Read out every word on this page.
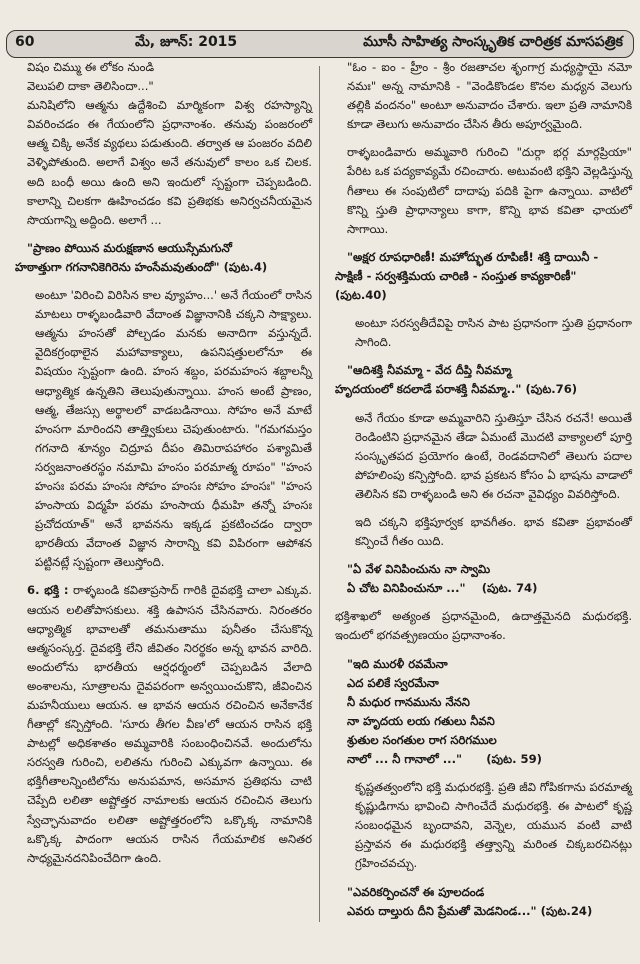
60	మే, జూన్: 2015	మూసీ సాహిత్య సాంస్కృతిక చారిత్రక మాసపత్రిక

విషం చిమ్ము ఈ లోకం నుండి

వెలుపలి దాకా తెలిసిందా..."

మనిషిలోని ఆత్మను ఉద్దేశించి మార్మికంగా విశ్వ రహస్యాన్ని వివరించడం ఈ గేయంలోని ప్రధానాంశం. తనువు పంజరంలో ఆత్మ చిక్కి అనేక వ్యథలు పడుతుంది. తర్వాత ఆ పంజరం వదిలి వెళ్ళిపోతుంది. అలాగే విశ్వం అనే తనువులో కాలం ఒక చిలక. అది బంధీ అయి ఉంది అని ఇందులో స్పష్టంగా చెప్పబడింది. కాలాన్ని చిలకగా ఊహించడం కవి ప్రతిభకు అనిర్వచనీయమైన సొయగాన్ని అద్దింది. అలాగే ...

"ప్రాణం పోయిన మరుక్షణాన ఆయుస్సేమగునో

హఠాత్తుగా గగనానికెగిరెను హంసేమవుతుందో" (పుట.4)

అంటూ 'విరించి విరిసిన కాల వ్యూహం...' అనే గేయంలో రాసిన మాటలు రాళ్ళబండివారి వేదాంత విజ్ఞానానికి చక్కని సాక్ష్యాలు. ఆత్మను హంసతో పోల్చడం మనకు అనాదిగా వస్తున్నదే. వైదికగ్రంథాలైన మహావాక్యాలు, ఉపనిషత్తులలోనూ ఈ విషయం స్పష్టంగా ఉంది. హంస శబ్దం, పరమహంస శబ్దాలన్నీ ఆధ్యాత్మిక ఉన్నతిని తెలుపుతున్నాయి. హంస అంటే ప్రాణం, ఆత్మ, తేజస్సు అర్థాలలో వాడబడినాయి. సోహం అనే మాటే హంసగా మారిందని తాత్త్వికులు చెపుతుంటారు. "గమగమస్తం గగనాది శూన్యం చిద్రూప దీపం తిమిరాపహారం పశ్యామితే సర్వజనాంతరస్థం నమామి హంసం పరమాత్మ రూపం" "హంస హంసః పరమ హంసః సోహం హంసః సోహం హంసః" "హంస హంసాయ విద్మహే పరమ హంసాయ ధీమహి తన్నో హంసః ప్రచోదయాత్" అనే భావనను ఇక్కడ ప్రకటించడం ద్వారా భారతీయ వేదాంత విజ్ఞాన సారాన్ని కవి విపిరంగా ఆపోశన పట్టినట్లే స్పష్టంగా తెలుస్తోంది.

6. భక్తి : రాళ్ళబండి కవితాప్రసాద్ గారికి దైవభక్తి చాలా ఎక్కువ. ఆయన లలితోపాసకులు. శక్తి ఉపాసన చేసినవారు. నిరంతరం ఆధ్యాత్మిక భావాలతో తమనుతాము పునీతం చేసుకొన్న ఆత్మసంస్కర్త. దైవభక్తి లేని జీవితం నిరర్థకం అన్న భావన వారిది. అందులోను భారతీయ ఆర్షధర్మంలో చెప్పబడిన వేలాది అంశాలను, సూత్రాలను దైవపరంగా అన్వయించుకొని, జీవించిన మహనీయులు ఆయన. ఆ భావన ఆయన రచించిన అనేకానేక గీతాల్లో కన్పిస్తోంది. 'సూరు తీగల వీణ'లో ఆయన రాసిన భక్తి పాటల్లో అధికశాతం అమ్మవారికి సంబంధించినవే. అందులోను సరస్వతి గురించి, లలితను గురించి ఎక్కువగా ఉన్నాయి. ఈ భక్తిగీతాలన్నింటిలోను అనుపమాన, అసమాన ప్రతిభను చాటి చెప్పేది లలితా అష్టోత్తర నామాలకు ఆయన రచించిన తెలుగు స్వేచ్ఛానువాదం లలితా అష్టోత్తరంలోని ఒక్కొక్క నామానికి ఒక్కొక్క పాదంగా ఆయన రాసిన గేయమాలిక అనితర సాధ్యమైనదనిపించేదిగా ఉంది.

"ఓం - ఐం - హ్రీం - శ్రీం రజతాచల శృంగాగ్ర మధ్యస్థాయై నమో నమః" అన్న నామానికి - "వెండికొండల కొనల మధ్యన వెలుగు తల్లికి వందనం" అంటూ అనువాదం చేశారు. ఇలా ప్రతి నామానికి కూడా తెలుగు అనువాదం చేసిన తీరు అపూర్వమైంది.

రాళ్ళబండివారు అమ్మవారి గురించి "దుర్గా భర్గ మార్గప్రియా" పేరిట ఒక పద్యకావ్యమే రచించారు. అటువంటి భక్తిని వెల్లడిస్తున్న గీతాలు ఈ సంపుటిలో దాదాపు పదికి పైగా ఉన్నాయి. వాటిలో కొన్ని స్తుతి ప్రాధాన్యాలు కాగా, కొన్ని భావ కవితా ఛాయలో సాగాయి.

"అక్షర రూపధారిణీ! మహోద్భుత రూపిణీ! శక్తి దాయినీ -

సాక్షిణీ - సర్వశక్తిమయ చారిణి - సంస్తుత కావ్యకారిణీ"

(పుట.40)

అంటూ సరస్వతీదేవిపై రాసిన పాట ప్రధానంగా స్తుతి ప్రధానంగా సాగింది.

"ఆదిశక్తి నీవమ్మా - వేద దీప్తి నీవమ్మా

హృదయంలో కదలాడే పరాశక్తి నీవమ్మా.." (పుట.76)

అనే గేయం కూడా అమ్మవారిని స్తుతిస్తూ చేసిన రచనే! అయితే రెండింటిని ప్రధానమైన తేడా ఏమంటే మొదటి వాక్యాలలో పూర్తి సంస్కృతపద ప్రయోగం ఉంటే, రెండవదానిలో తెలుగు పదాల పోహలింపు కన్పిస్తోంది. భావ ప్రకటన కోసం ఏ భాషను వాడాలో తెలిసిన కవి రాళ్ళబండి అని ఈ రచనా వైవిధ్యం వివరిస్తోంది.

ఇది చక్కని భక్తిపూర్వక భావగీతం. భావ కవితా ప్రభావంతో కన్పించే గీతం యిది.

"ఏ వేళ వినిపించును నా స్వామి

ఏ చోట వినిపించునూ ..." (పుట. 74)

భక్తిశాఖలో అత్యంత ప్రధానమైంది, ఉదాత్తమైనది మధురభక్తి. ఇందులో భగవత్ప్రణయం ప్రధానాంశం.

"ఇది మురళీ రవమేనా

ఎద పలికే స్వరమేనా

నీ మధుర గానమును నేనని

నా హృదయ లయ గతులు నీవని

శ్రుతుల సంగతుల రాగ సరిగముల

నాలో ... నీ గానాలో ..." (పుట. 59)

కృష్ణతత్వంలోని భక్తి మధురభక్తి. ప్రతి జీవి గోపికగాను పరమాత్మ కృష్ణుడిగాను భావించి సాగించేదే మధురభక్తి. ఈ పాటలో కృష్ణ సంబంధమైన బృందావని, వెన్నెల, యమున వంటి వాటి ప్రస్తావన ఈ మధురభక్తి తత్త్వాన్ని మరింత చిక్కబరచినట్లు గ్రహించవచ్చు.

"ఎవరికర్పించనో ఈ పూలదండ

ఎవరు దాల్తురు దీని ప్రేమతో మెడనిండ..." (పుట.24)
